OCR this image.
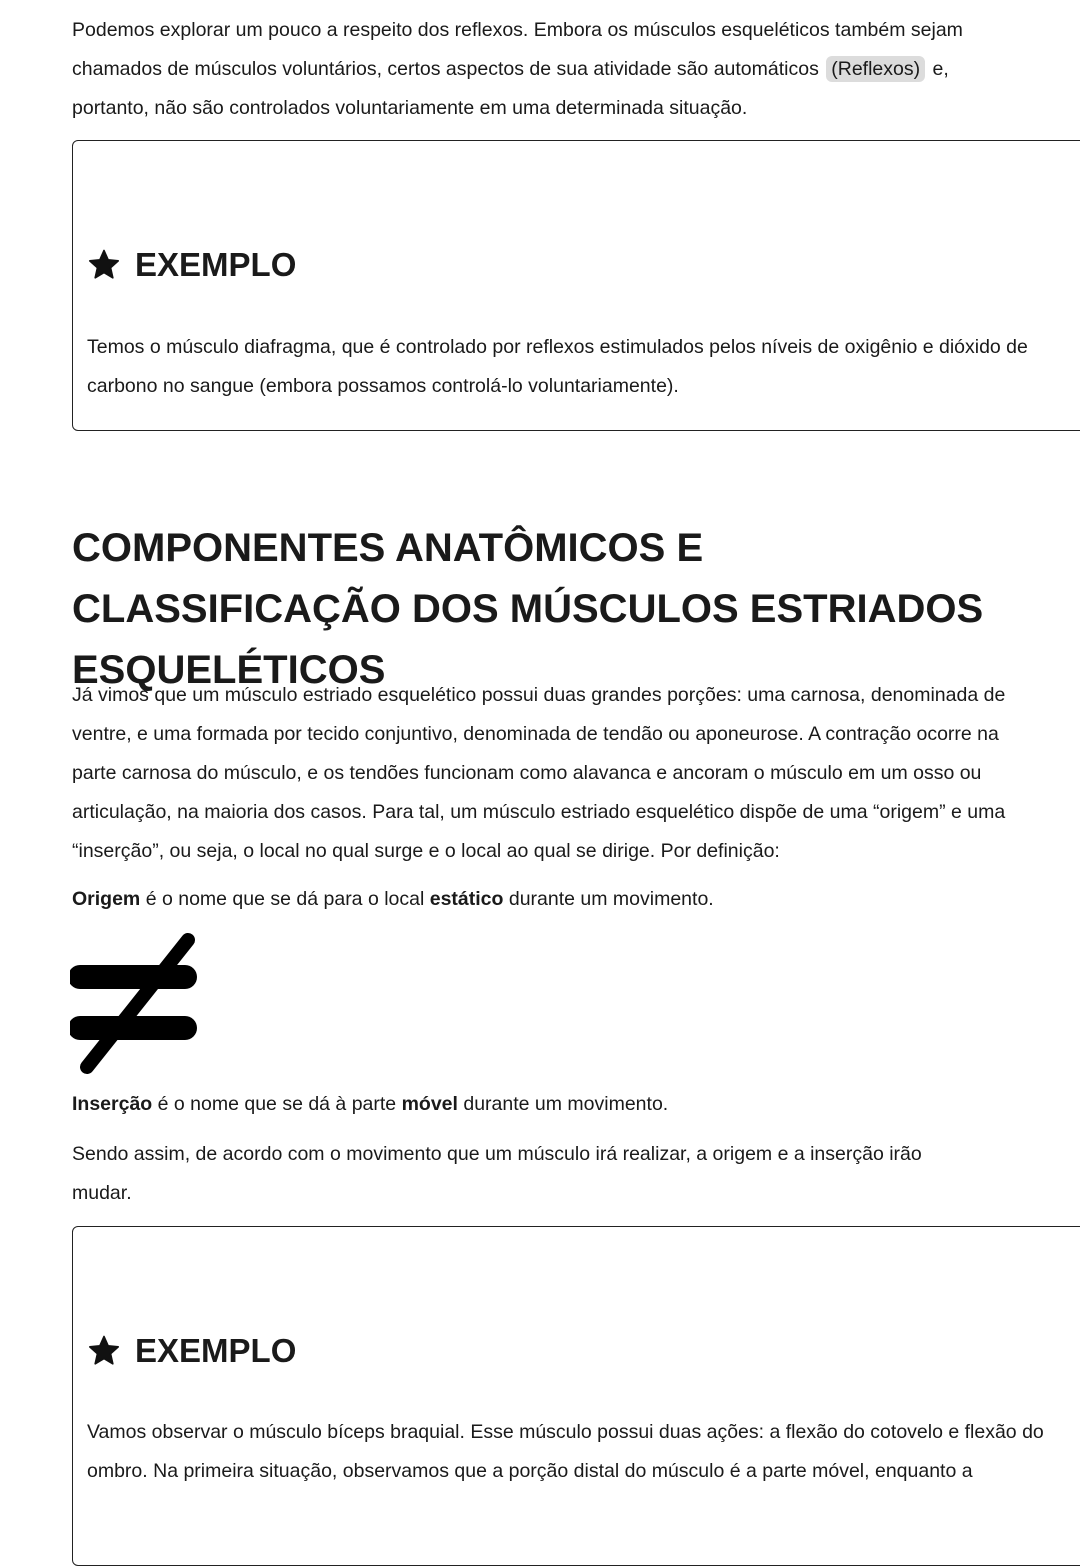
Podemos explorar um pouco a respeito dos reflexos. Embora os músculos esqueléticos também sejam chamados de músculos voluntários, certos aspectos de sua atividade são automáticos (Reflexos) e, portanto, não são controlados voluntariamente em uma determinada situação.

EXEMPLO

Temos o músculo diafragma, que é controlado por reflexos estimulados pelos níveis de oxigênio e dióxido de carbono no sangue (embora possamos controlá-lo voluntariamente).

COMPONENTES ANATÔMICOS E CLASSIFICAÇÃO DOS MÚSCULOS ESTRIADOS ESQUELÉTICOS

Já vimos que um músculo estriado esquelético possui duas grandes porções: uma carnosa, denominada de ventre, e uma formada por tecido conjuntivo, denominada de tendão ou aponeurose. A contração ocorre na parte carnosa do músculo, e os tendões funcionam como alavanca e ancoram o músculo em um osso ou articulação, na maioria dos casos. Para tal, um músculo estriado esquelético dispõe de uma “origem” e uma “inserção”, ou seja, o local no qual surge e o local ao qual se dirige. Por definição:

Origem é o nome que se dá para o local estático durante um movimento.

Inserção é o nome que se dá à parte móvel durante um movimento.

Sendo assim, de acordo com o movimento que um músculo irá realizar, a origem e a inserção irão mudar.

EXEMPLO

Vamos observar o músculo bíceps braquial. Esse músculo possui duas ações: a flexão do cotovelo e flexão do ombro. Na primeira situação, observamos que a porção distal do músculo é a parte móvel, enquanto a
